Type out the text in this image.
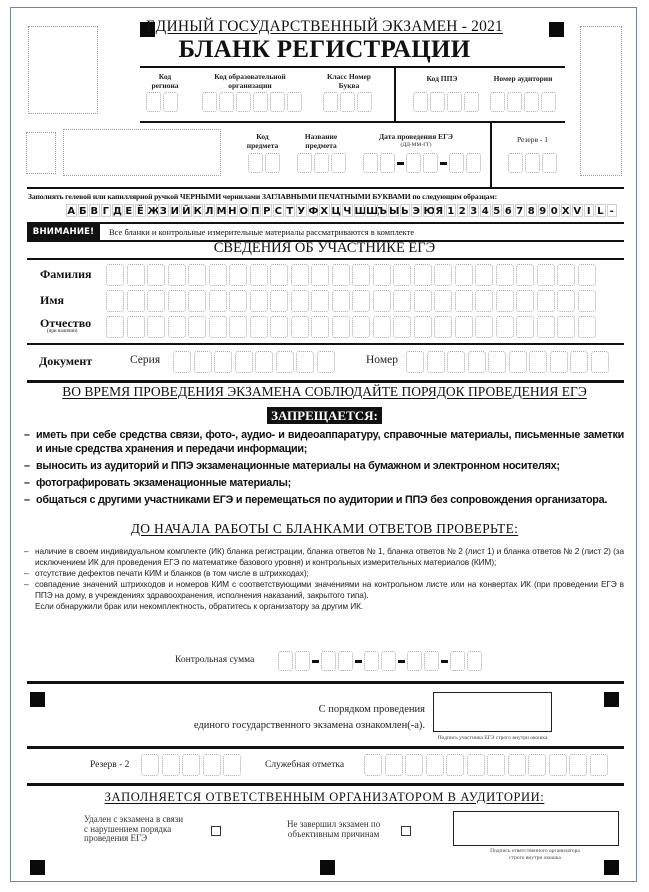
ЕДИНЫЙ ГОСУДАРСТВЕННЫЙ ЭКЗАМЕН - 2021
БЛАНК РЕГИСТРАЦИИ
Код региона
Код образовательной организации
Класс Номер Буква
Код ППЭ	Номер аудитории
Код предмета
Название предмета
Дата проведения ЕГЭ
(ДД-ММ-ГГ)
Резерв - 1
Заполнять гелевой или капиллярной ручкой ЧЕРНЫМИ чернилами ЗАГЛАВНЫМИ ПЕЧАТНЫМИ БУКВАМИ по следующим образцам:
А Б В Г Д Е Ё Ж З И Й К Л М Н О П Р С Т У Ф Х Ц Ч Ш Щ
Ъ Ы Ь Э Ю Я 1 2 3 4 5 6 7 8 9 0 X V I L -
ВНИМАНИЕ!	Все бланки и контрольные измерительные материалы рассматриваются в комплекте
СВЕДЕНИЯ ОБ УЧАСТНИКЕ ЕГЭ
Фамилия
Имя
Отчество
(при наличии)
Документ	Серия	Номер
ВО ВРЕМЯ ПРОВЕДЕНИЯ ЭКЗАМЕНА СОБЛЮДАЙТЕ ПОРЯДОК ПРОВЕДЕНИЯ ЕГЭ
ЗАПРЕЩАЕТСЯ:
– иметь при себе средства связи, фото-, аудио- и видеоаппаратуру, справочные материалы, письменные заметки и иные средства хранения и передачи информации;
– выносить из аудиторий и ППЭ экзаменационные материалы на бумажном и электронном носителях;
– фотографировать экзаменационные материалы;
– общаться с другими участниками ЕГЭ и перемещаться по аудитории и ППЭ без сопровождения организатора.
ДО НАЧАЛА РАБОТЫ С БЛАНКАМИ ОТВЕТОВ ПРОВЕРЬТЕ:
– наличие в своем индивидуальном комплекте (ИК) бланка регистрации, бланка ответов № 1, бланка ответов № 2 (лист 1) и бланка ответов № 2 (лист 2) (за исключением ИК для проведения ЕГЭ по математике базового уровня) и контрольных измерительных материалов (КИМ);
– отсутствие дефектов печати КИМ и бланков (в том числе в штрихкодах);
– совпадение значений штрихкодов и номеров КИМ с соответствующими значениями на контрольном листе или на конвертах ИК (при проведении ЕГЭ в ППЭ на дому, в учреждениях здравоохранения, исполнения наказаний, закрытого типа).
Если обнаружили брак или некомплектность, обратитесь к организатору за другим ИК.
Контрольная сумма
С порядком проведения
единого государственного экзамена ознакомлен(-а).
Подпись участника ЕГЭ строго внутри окошка
Резерв - 2	Служебная отметка
ЗАПОЛНЯЕТСЯ ОТВЕТСТВЕННЫМ ОРГАНИЗАТОРОМ В АУДИТОРИИ:
Удален с экзамена в связи
с нарушением порядка
проведения ЕГЭ
Не завершил экзамен по
объективным причинам
Подпись ответственного организатора
строго внутри окошка
